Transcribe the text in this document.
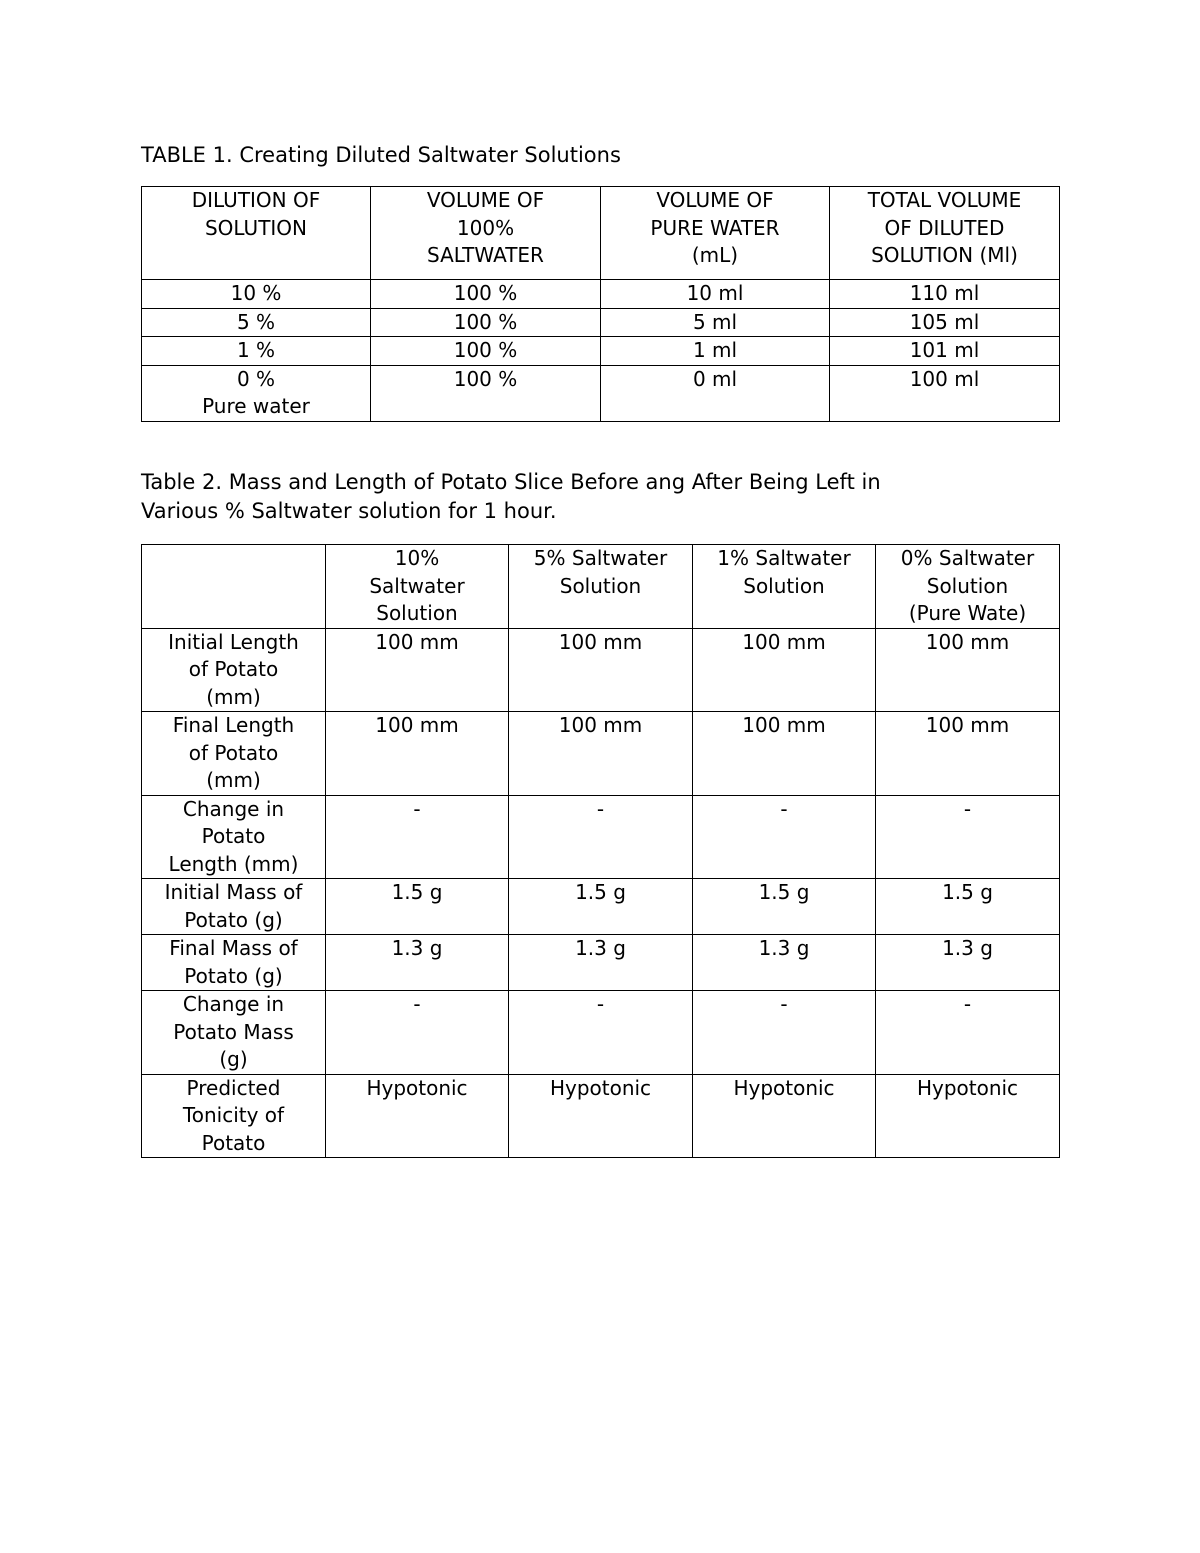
TABLE 1. Creating Diluted Saltwater Solutions

DILUTION OF
SOLUTION	VOLUME OF
100%
SALTWATER	VOLUME OF
PURE WATER
(mL)	TOTAL VOLUME
OF DILUTED
SOLUTION (Ml)
10 %	100 %	10 ml	110 ml
5 %	100 %	5 ml	105 ml
1 %	100 %	1 ml	101 ml
0 %
Pure water	100 %	0 ml	100 ml

Table 2. Mass and Length of Potato Slice Before ang After Being Left in
Various % Saltwater solution for 1 hour.

	10%
Saltwater
Solution	5% Saltwater
Solution	1% Saltwater
Solution	0% Saltwater
Solution
(Pure Wate)
Initial Length
of Potato
(mm)	100 mm	100 mm	100 mm	100 mm
Final Length
of Potato
(mm)	100 mm	100 mm	100 mm	100 mm
Change in
Potato
Length (mm)	-	-	-	-
Initial Mass of
Potato (g)	1.5 g	1.5 g	1.5 g	1.5 g
Final Mass of
Potato (g)	1.3 g	1.3 g	1.3 g	1.3 g
Change in
Potato Mass
(g)	-	-	-	-
Predicted
Tonicity of
Potato	Hypotonic	Hypotonic	Hypotonic	Hypotonic
